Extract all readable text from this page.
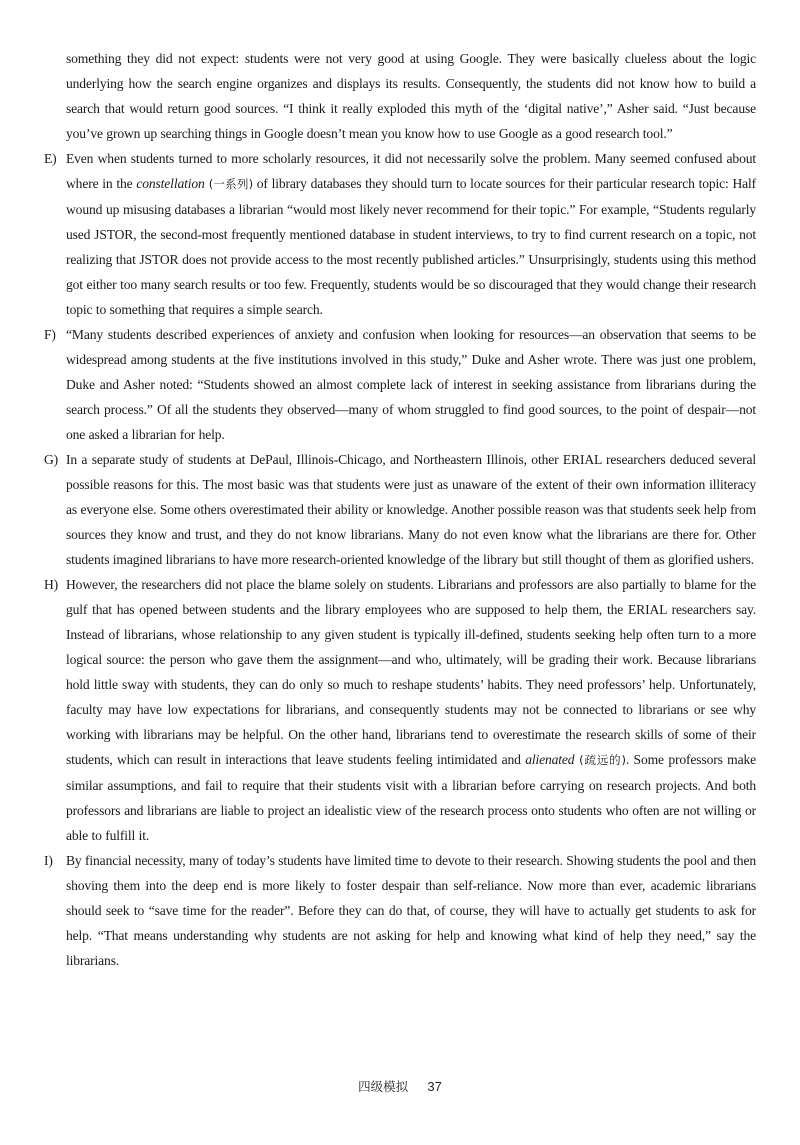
something they did not expect: students were not very good at using Google. They were basically clueless about the logic underlying how the search engine organizes and displays its results. Consequently, the students did not know how to build a search that would return good sources. “I think it really exploded this myth of the ‘digital native’,” Asher said. “Just because you’ve grown up searching things in Google doesn’t mean you know how to use Google as a good research tool.”

E) Even when students turned to more scholarly resources, it did not necessarily solve the problem. Many seemed confused about where in the constellation (一系列) of library databases they should turn to locate sources for their particular research topic: Half wound up misusing databases a librarian “would most likely never recommend for their topic.” For example, “Students regularly used JSTOR, the second-most frequently mentioned database in student interviews, to try to find current research on a topic, not realizing that JSTOR does not provide access to the most recently published articles.” Unsurprisingly, students using this method got either too many search results or too few. Frequently, students would be so discouraged that they would change their research topic to something that requires a simple search.

F) “Many students described experiences of anxiety and confusion when looking for resources—an observation that seems to be widespread among students at the five institutions involved in this study,” Duke and Asher wrote. There was just one problem, Duke and Asher noted: “Students showed an almost complete lack of interest in seeking assistance from librarians during the search process.” Of all the students they observed—many of whom struggled to find good sources, to the point of despair—not one asked a librarian for help.

G) In a separate study of students at DePaul, Illinois-Chicago, and Northeastern Illinois, other ERIAL researchers deduced several possible reasons for this. The most basic was that students were just as unaware of the extent of their own information illiteracy as everyone else. Some others overestimated their ability or knowledge. Another possible reason was that students seek help from sources they know and trust, and they do not know librarians. Many do not even know what the librarians are there for. Other students imagined librarians to have more research-oriented knowledge of the library but still thought of them as glorified ushers.

H) However, the researchers did not place the blame solely on students. Librarians and professors are also partially to blame for the gulf that has opened between students and the library employees who are supposed to help them, the ERIAL researchers say. Instead of librarians, whose relationship to any given student is typically ill-defined, students seeking help often turn to a more logical source: the person who gave them the assignment—and who, ultimately, will be grading their work. Because librarians hold little sway with students, they can do only so much to reshape students’ habits. They need professors’ help. Unfortunately, faculty may have low expectations for librarians, and consequently students may not be connected to librarians or see why working with librarians may be helpful. On the other hand, librarians tend to overestimate the research skills of some of their students, which can result in interactions that leave students feeling intimidated and alienated (疏远的). Some professors make similar assumptions, and fail to require that their students visit with a librarian before carrying on research projects. And both professors and librarians are liable to project an idealistic view of the research process onto students who often are not willing or able to fulfill it.

I) By financial necessity, many of today’s students have limited time to devote to their research. Showing students the pool and then shoving them into the deep end is more likely to foster despair than self-reliance. Now more than ever, academic librarians should seek to “save time for the reader”. Before they can do that, of course, they will have to actually get students to ask for help. “That means understanding why students are not asking for help and knowing what kind of help they need,” say the librarians.

四级模拟 37
